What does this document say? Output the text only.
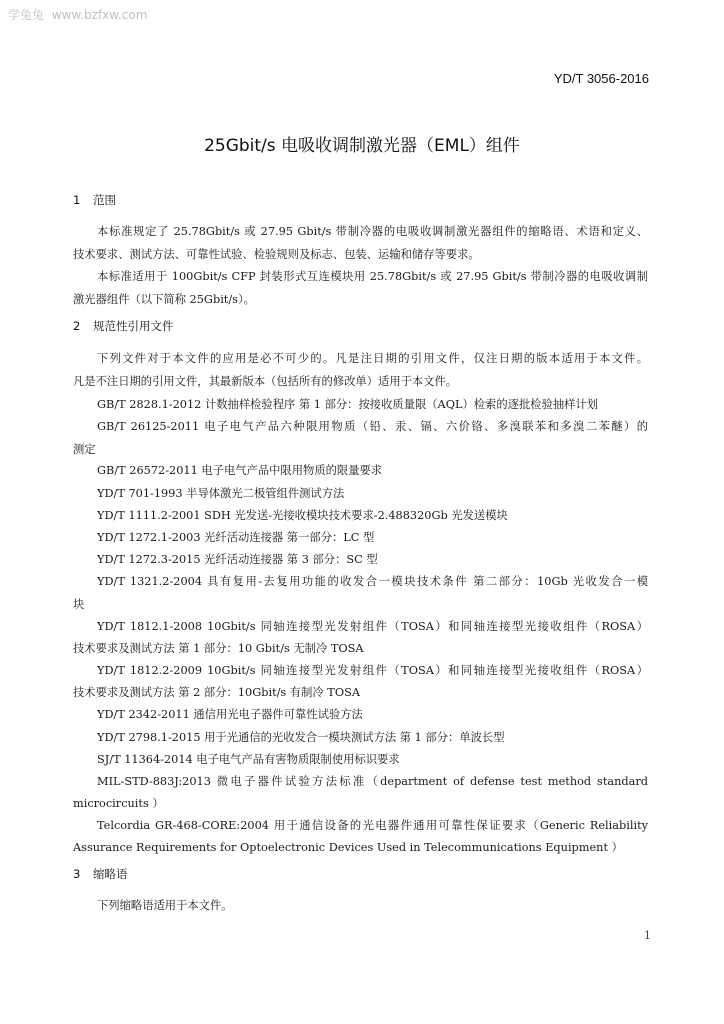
学兔兔 www.bzfxw.com
YD/T 3056-2016
25Gbit/s 电吸收调制激光器（EML）组件
1 范围
本标准规定了 25.78Gbit/s 或 27.95 Gbit/s 带制冷器的电吸收调制激光器组件的缩略语、术语和定义、
技术要求、测试方法、可靠性试验、检验规则及标志、包装、运输和储存等要求。
本标准适用于 100Gbit/s CFP 封装形式互连模块用 25.78Gbit/s 或 27.95 Gbit/s 带制冷器的电吸收调制
激光器组件（以下简称 25Gbit/s）。
2 规范性引用文件
下列文件对于本文件的应用是必不可少的。凡是注日期的引用文件，仅注日期的版本适用于本文件。
凡是不注日期的引用文件，其最新版本（包括所有的修改单）适用于本文件。
GB/T 2828.1-2012 计数抽样检验程序 第 1 部分：按接收质量限（AQL）检索的逐批检验抽样计划
GB/T 26125-2011 电子电气产品六种限用物质（铅、汞、镉、六价铬、多溴联苯和多溴二苯醚）的
测定
GB/T 26572-2011 电子电气产品中限用物质的限量要求
YD/T 701-1993 半导体激光二极管组件测试方法
YD/T 1111.2-2001 SDH 光发送-光接收模块技术要求-2.488320Gb 光发送模块
YD/T 1272.1-2003 光纤活动连接器 第一部分：LC 型
YD/T 1272.3-2015 光纤活动连接器 第 3 部分：SC 型
YD/T 1321.2-2004 具有复用-去复用功能的收发合一模块技术条件 第二部分：10Gb 光收发合一模
块
YD/T 1812.1-2008 10Gbit/s 同轴连接型光发射组件（TOSA）和同轴连接型光接收组件（ROSA）
技术要求及测试方法 第 1 部分：10 Gbit/s 无制冷 TOSA
YD/T 1812.2-2009 10Gbit/s 同轴连接型光发射组件（TOSA）和同轴连接型光接收组件（ROSA）
技术要求及测试方法 第 2 部分：10Gbit/s 有制冷 TOSA
YD/T 2342-2011 通信用光电子器件可靠性试验方法
YD/T 2798.1-2015 用于光通信的光收发合一模块测试方法 第 1 部分：单波长型
SJ/T 11364-2014 电子电气产品有害物质限制使用标识要求
MIL-STD-883J:2013 微电子器件试验方法标准（department of defense test method standard
microcircuits ）
Telcordia GR-468-CORE:2004 用于通信设备的光电器件通用可靠性保证要求（Generic Reliability
Assurance Requirements for Optoelectronic Devices Used in Telecommunications Equipment ）
3 缩略语
下列缩略语适用于本文件。
1
